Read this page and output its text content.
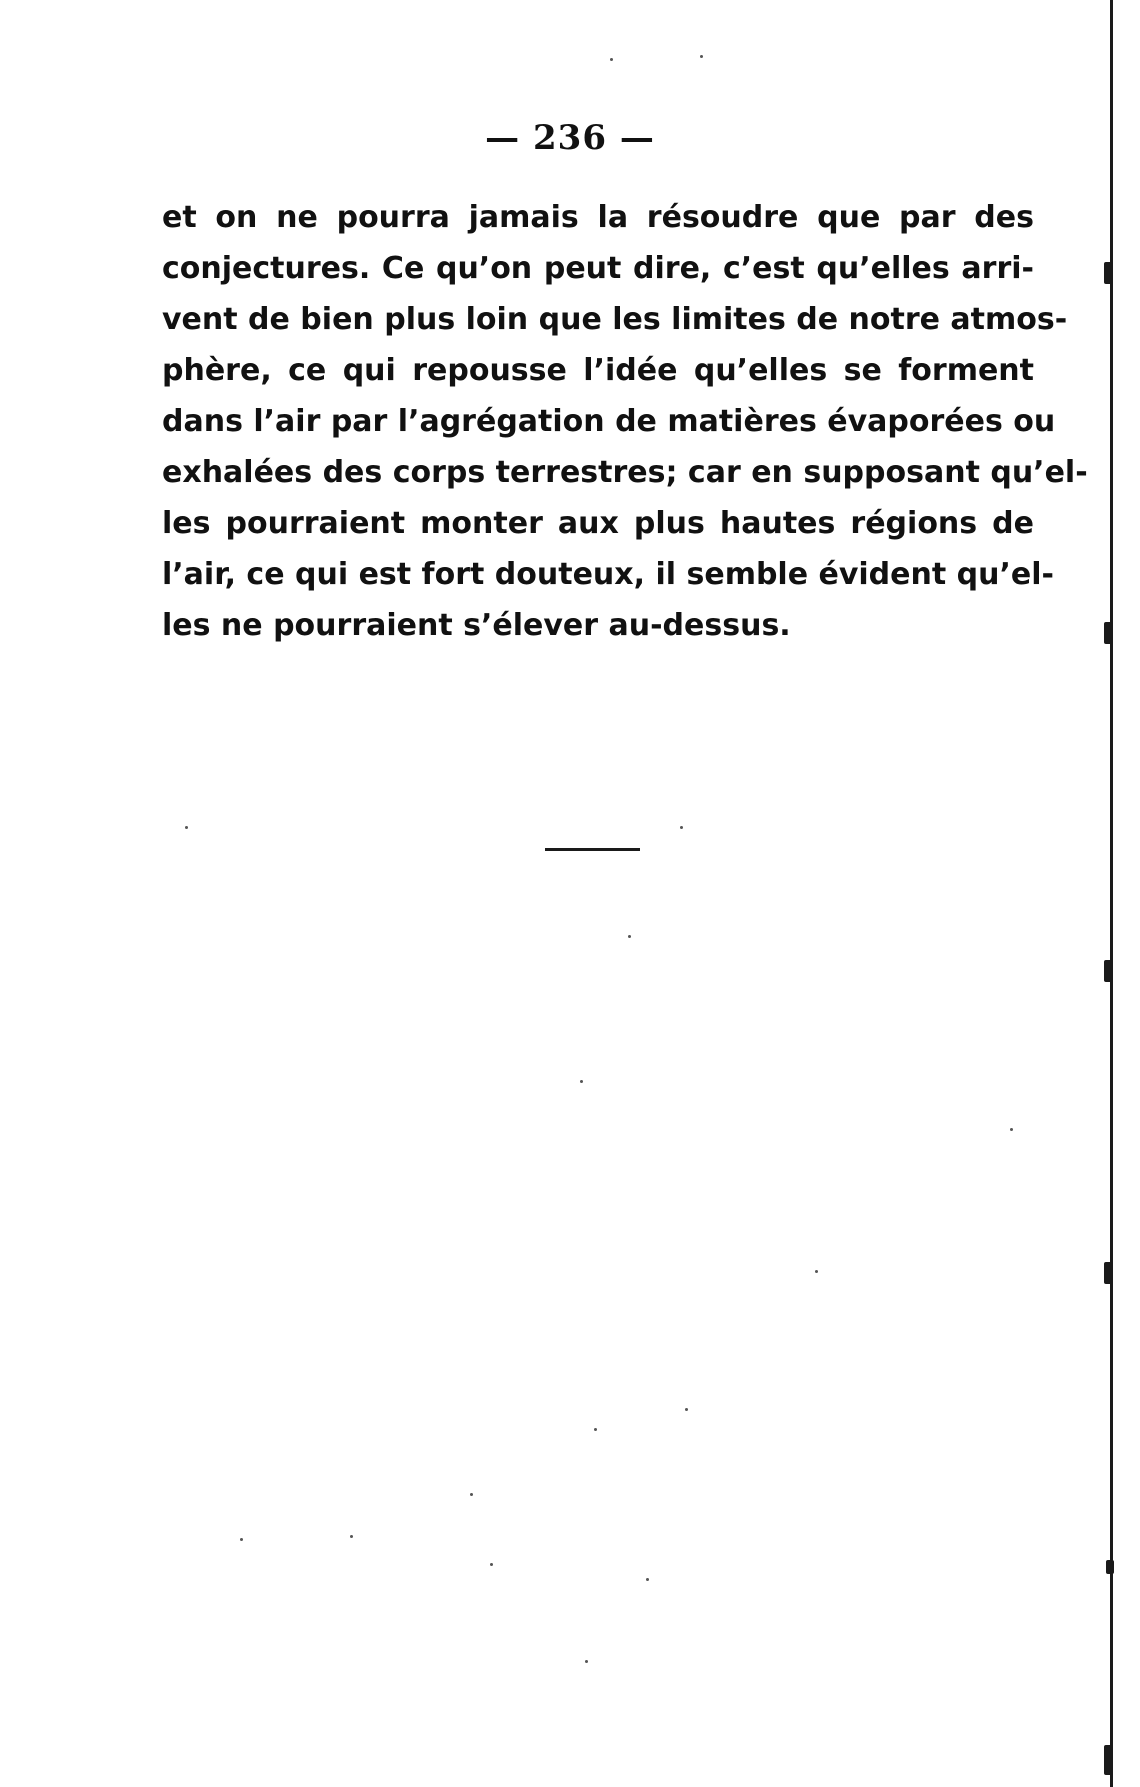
— 236 —
et on ne pourra jamais la résoudre que par des
conjectures. Ce qu’on peut dire, c’est qu’elles arri-
vent de bien plus loin que les limites de notre atmos-
phère, ce qui repousse l’idée qu’elles se forment
dans l’air par l’agrégation de matières évaporées ou
exhalées des corps terrestres; car en supposant qu’el-
les pourraient monter aux plus hautes régions de
l’air, ce qui est fort douteux, il semble évident qu’el-
les ne pourraient s’élever au-dessus.
